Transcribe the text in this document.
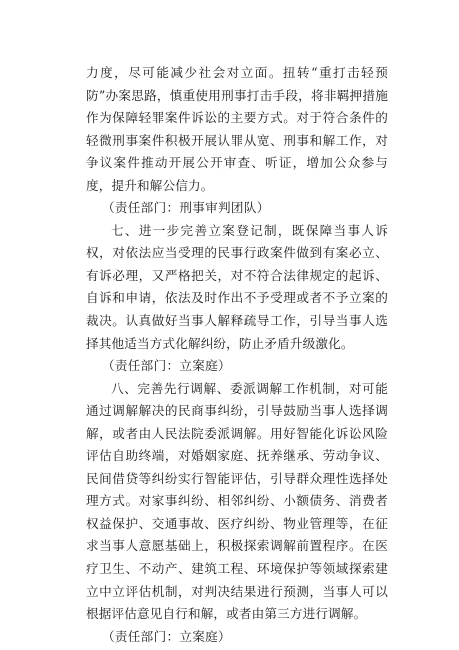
力度，尽可能减少社会对立面。扭转“重打击轻预防”办案思路，慎重使用刑事打击手段，将非羁押措施作为保障轻罪案件诉讼的主要方式。对于符合条件的轻微刑事案件积极开展认罪从宽、刑事和解工作，对争议案件推动开展公开审查、听证，增加公众参与度，提升和解公信力。

（责任部门：刑事审判团队）

七、进一步完善立案登记制，既保障当事人诉权，对依法应当受理的民事行政案件做到有案必立、有诉必理，又严格把关，对不符合法律规定的起诉、自诉和申请，依法及时作出不予受理或者不予立案的裁决。认真做好当事人解释疏导工作，引导当事人选择其他适当方式化解纠纷，防止矛盾升级激化。

（责任部门：立案庭）

八、完善先行调解、委派调解工作机制，对可能通过调解解决的民商事纠纷，引导鼓励当事人选择调解，或者由人民法院委派调解。用好智能化诉讼风险评估自助终端，对婚姻家庭、抚养继承、劳动争议、民间借贷等纠纷实行智能评估，引导群众理性选择处理方式。对家事纠纷、相邻纠纷、小额债务、消费者权益保护、交通事故、医疗纠纷、物业管理等，在征求当事人意愿基础上，积极探索调解前置程序。在医疗卫生、不动产、建筑工程、环境保护等领域探索建立中立评估机制，对判决结果进行预测，当事人可以根据评估意见自行和解，或者由第三方进行调解。

（责任部门：立案庭）
